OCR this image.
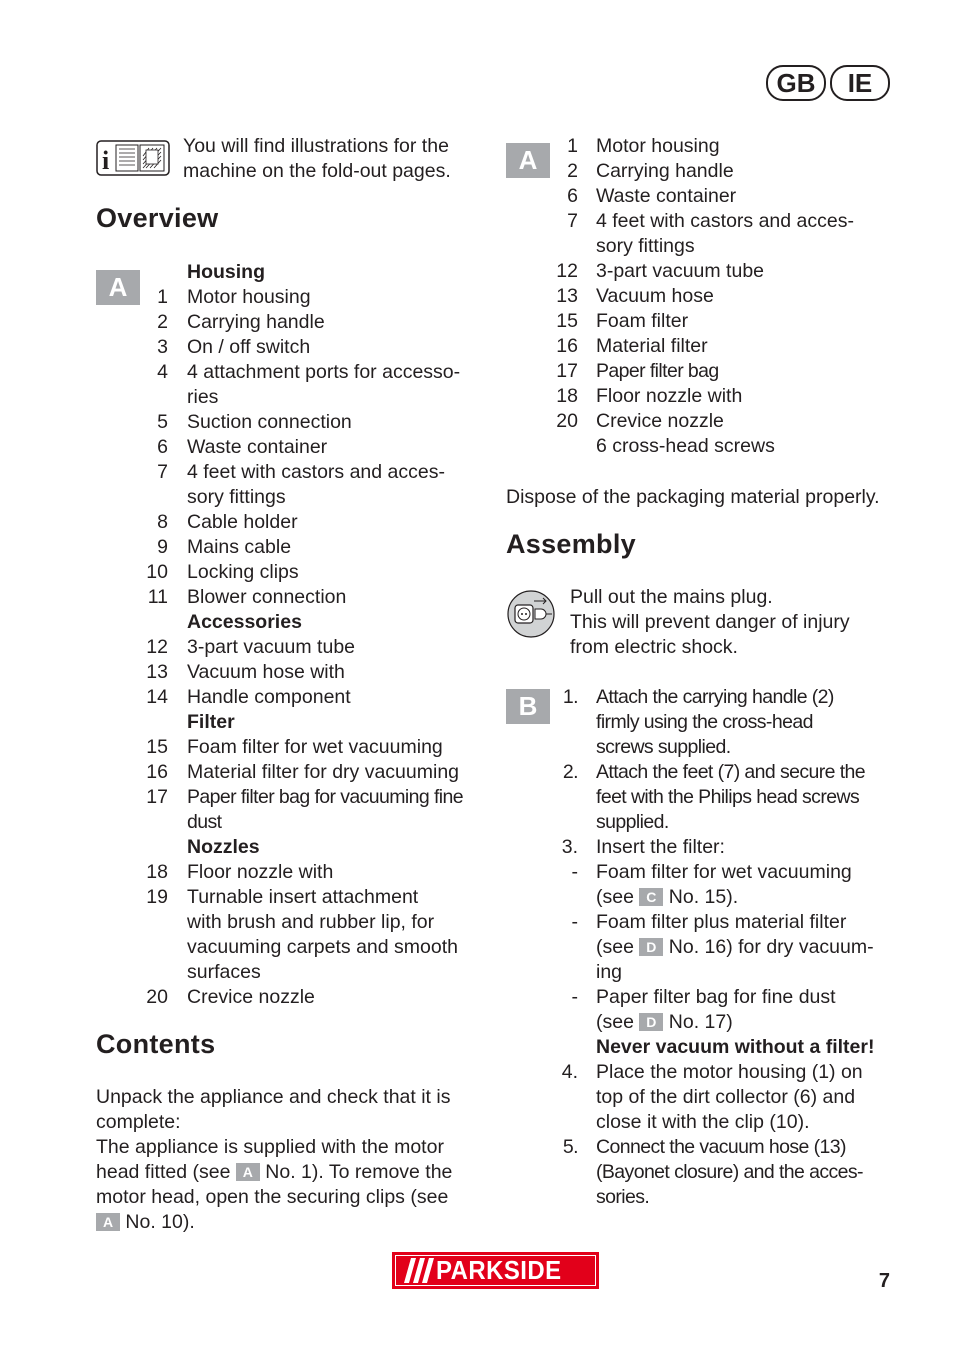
GB	IE
i	You will find illustrations for the
machine on the fold-out pages.
Overview
A	Housing
1 Motor housing
2 Carrying handle
3 On / off switch
4 4 attachment ports for accesso-
ries
5 Suction connection
6 Waste container
7 4 feet with castors and acces-
sory fittings
8 Cable holder
9 Mains cable
10 Locking clips
11 Blower connection
Accessories
12 3-part vacuum tube
13 Vacuum hose with
14 Handle component
Filter
15 Foam filter for wet vacuuming
16 Material filter for dry vacuuming
17 Paper filter bag for vacuuming fine
dust
Nozzles
18 Floor nozzle with
19 Turnable insert attachment
with brush and rubber lip, for
vacuuming carpets and smooth
surfaces
20 Crevice nozzle
Contents
Unpack the appliance and check that it is
complete:
The appliance is supplied with the motor
head fitted (see A No. 1). To remove the
motor head, open the securing clips (see
A No. 10).
A	1 Motor housing
2 Carrying handle
6 Waste container
7 4 feet with castors and acces-
sory fittings
12 3-part vacuum tube
13 Vacuum hose
15 Foam filter
16 Material filter
17 Paper filter bag
18 Floor nozzle with
20 Crevice nozzle
6 cross-head screws
Dispose of the packaging material properly.
Assembly
Pull out the mains plug.
This will prevent danger of injury
from electric shock.
B	1. Attach the carrying handle (2)
firmly using the cross-head
screws supplied.
2. Attach the feet (7) and secure the
feet with the Philips head screws
supplied.
3. Insert the filter:
- Foam filter for wet vacuuming
(see C No. 15).
- Foam filter plus material filter
(see D No. 16) for dry vacuum-
ing
- Paper filter bag for fine dust
(see D No. 17)
Never vacuum without a filter!
4. Place the motor housing (1) on
top of the dirt collector (6) and
close it with the clip (10).
5. Connect the vacuum hose (13)
(Bayonet closure) and the acces-
sories.
PARKSIDE	7
